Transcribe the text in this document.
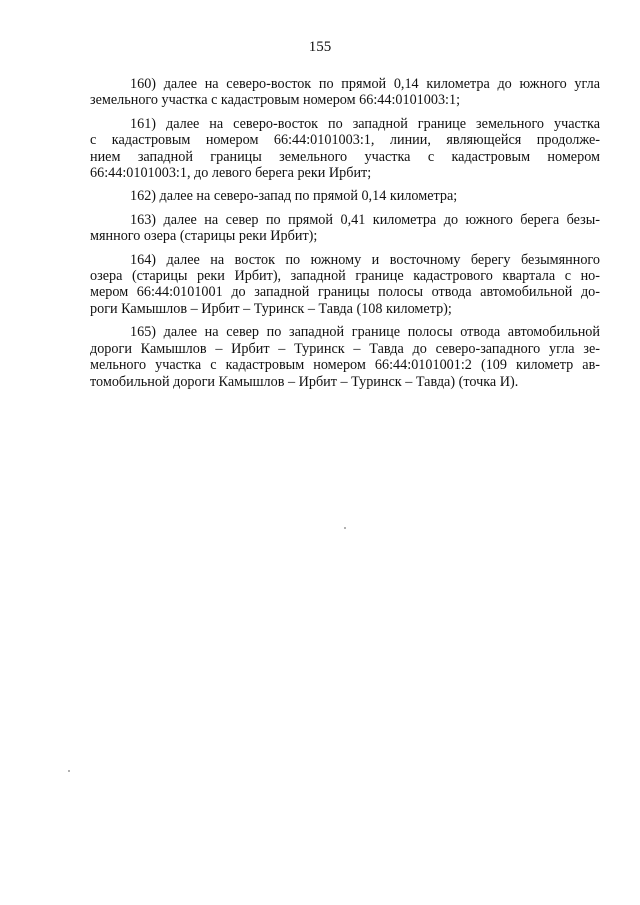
155

160) далее на северо-восток по прямой 0,14 километра до южного угла
земельного участка с кадастровым номером 66:44:0101003:1;

161) далее на северо-восток по западной границе земельного участка
с кадастровым номером 66:44:0101003:1, линии, являющейся продолже-
нием западной границы земельного участка с кадастровым номером
66:44:0101003:1, до левого берега реки Ирбит;

162) далее на северо-запад по прямой 0,14 километра;

163) далее на север по прямой 0,41 километра до южного берега безы-
мянного озера (старицы реки Ирбит);

164) далее на восток по южному и восточному берегу безымянного
озера (старицы реки Ирбит), западной границе кадастрового квартала с но-
мером 66:44:0101001 до западной границы полосы отвода автомобильной до-
роги Камышлов – Ирбит – Туринск – Тавда (108 километр);

165) далее на север по западной границе полосы отвода автомобильной
дороги Камышлов – Ирбит – Туринск – Тавда до северо-западного угла зе-
мельного участка с кадастровым номером 66:44:0101001:2 (109 километр ав-
томобильной дороги Камышлов – Ирбит – Туринск – Тавда) (точка И).
